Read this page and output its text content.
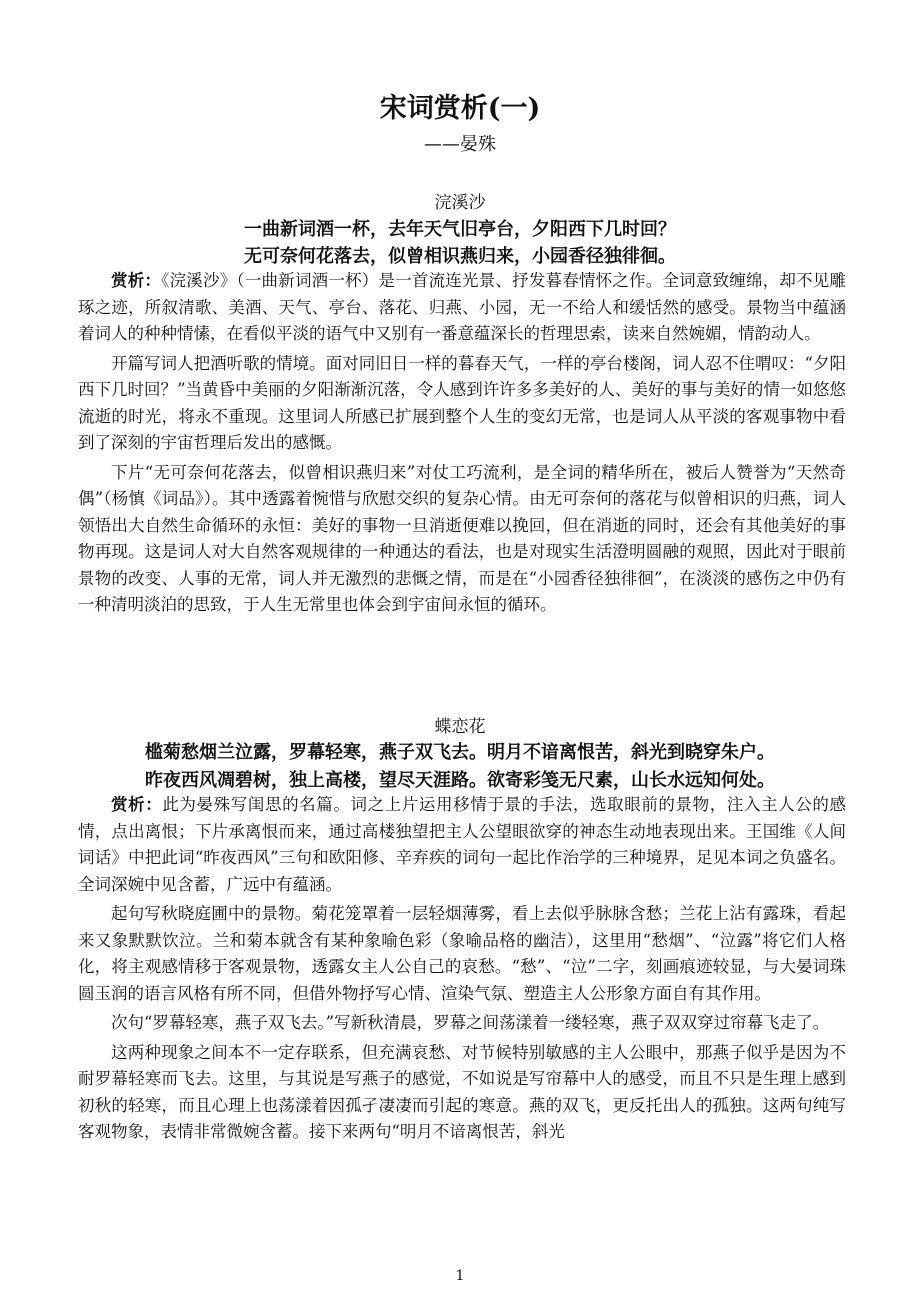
宋词赏析(一)
——晏殊
浣溪沙
一曲新词酒一杯，去年天气旧亭台，夕阳西下几时回？
无可奈何花落去，似曾相识燕归来，小园香径独徘徊。

赏析：《浣溪沙》（一曲新词酒一杯）是一首流连光景、抒发暮春情怀之作。全词意致缠绵，却不见雕琢之迹，所叙清歌、美酒、天气、亭台、落花、归燕、小园，无一不给人和缓恬然的感受。景物当中蕴涵着词人的种种情愫，在看似平淡的语气中又别有一番意蕴深长的哲理思索，读来自然婉媚，情韵动人。

开篇写词人把酒听歌的情境。面对同旧日一样的暮春天气，一样的亭台楼阁，词人忍不住喟叹：“夕阳西下几时回？”当黄昏中美丽的夕阳渐渐沉落，令人感到许许多多美好的人、美好的事与美好的情一如悠悠流逝的时光，将永不重现。这里词人所感已扩展到整个人生的变幻无常，也是词人从平淡的客观事物中看到了深刻的宇宙哲理后发出的感慨。

下片“无可奈何花落去，似曾相识燕归来”对仗工巧流利，是全词的精华所在，被后人赞誉为“天然奇偶”（杨慎《词品》）。其中透露着惋惜与欣慰交织的复杂心情。由无可奈何的落花与似曾相识的归燕，词人领悟出大自然生命循环的永恒：美好的事物一旦消逝便难以挽回，但在消逝的同时，还会有其他美好的事物再现。这是词人对大自然客观规律的一种通达的看法，也是对现实生活澄明圆融的观照，因此对于眼前景物的改变、人事的无常，词人并无激烈的悲慨之情，而是在“小园香径独徘徊”，在淡淡的感伤之中仍有一种清明淡泊的思致，于人生无常里也体会到宇宙间永恒的循环。

蝶恋花
槛菊愁烟兰泣露，罗幕轻寒，燕子双飞去。明月不谙离恨苦，斜光到晓穿朱户。
昨夜西风凋碧树，独上高楼，望尽天涯路。欲寄彩笺无尺素，山长水远知何处。

赏析：此为晏殊写闺思的名篇。词之上片运用移情于景的手法，选取眼前的景物，注入主人公的感情，点出离恨；下片承离恨而来，通过高楼独望把主人公望眼欲穿的神态生动地表现出来。王国维《人间词话》中把此词“昨夜西风”三句和欧阳修、辛弃疾的词句一起比作治学的三种境界，足见本词之负盛名。全词深婉中见含蓄，广远中有蕴涵。

起句写秋晓庭圃中的景物。菊花笼罩着一层轻烟薄雾，看上去似乎脉脉含愁；兰花上沾有露珠，看起来又象默默饮泣。兰和菊本就含有某种象喻色彩（象喻品格的幽洁），这里用“愁烟”、“泣露”将它们人格化，将主观感情移于客观景物，透露女主人公自己的哀愁。“愁”、“泣”二字，刻画痕迹较显，与大晏词珠圆玉润的语言风格有所不同，但借外物抒写心情、渲染气氛、塑造主人公形象方面自有其作用。

次句“罗幕轻寒，燕子双飞去。”写新秋清晨，罗幕之间荡漾着一缕轻寒，燕子双双穿过帘幕飞走了。

这两种现象之间本不一定存联系，但充满哀愁、对节候特别敏感的主人公眼中，那燕子似乎是因为不耐罗幕轻寒而飞去。这里，与其说是写燕子的感觉，不如说是写帘幕中人的感受，而且不只是生理上感到初秋的轻寒，而且心理上也荡漾着因孤孑凄凄而引起的寒意。燕的双飞，更反托出人的孤独。这两句纯写客观物象，表情非常微婉含蓄。接下来两句“明月不谙离恨苦，斜光

1
